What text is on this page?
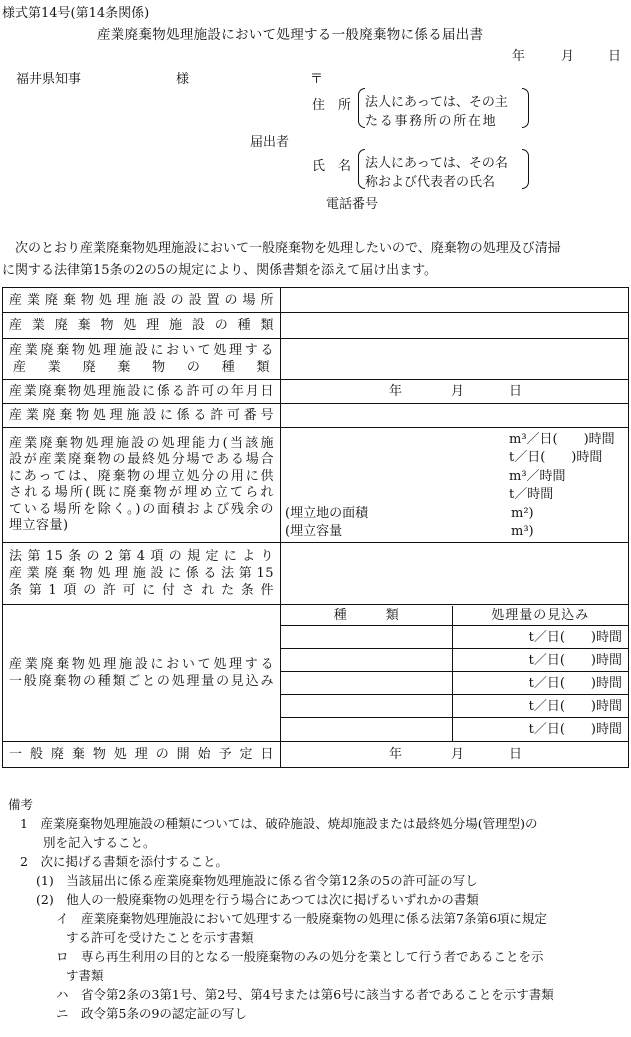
様式第14号(第14条関係)
産業廃棄物処理施設において処理する一般廃棄物に係る届出書
年	月	日
福井県知事	様	〒
住　所 法人にあっては、その主
たる事務所の所在地
届出者
氏　名 法人にあっては、その名
称および代表者の氏名
電話番号
　次のとおり産業廃棄物処理施設において一般廃棄物を処理したいので、廃棄物の処理及び清掃
に関する法律第15条の2の5の規定により、関係書類を添えて届け出ます。
産業廃棄物処理施設の設置の場所	
産業廃棄物処理施設の種類	

産業廃棄物処理施設において処理する
産業廃棄物の種類

産業廃棄物処理施設に係る許可の年月日	年	月	日

産業廃棄物処理施設に係る許可番号	

産業廃棄物処理施設の処理能力(当該施
設が産業廃棄物の最終処分場である場合
にあっては、廃棄物の埋立処分の用に供
される場所(既に廃棄物が埋め立てられ
ている場所を除く。)の面積および残余の
埋立容量)

m³／日(　　)時間
t／日(　　)時間
m³／時間
t／時間
(埋立地の面積	m²)
(埋立容量	m³)

法第15条の2第4項の規定により
産業廃棄物処理施設に係る法第15
条第1項の許可に付された条件

産業廃棄物処理施設において処理する
一般廃棄物の種類ごとの処理量の見込み

種　　　類	処理量の見込み
	t／日(　　)時間
	t／日(　　)時間
	t／日(　　)時間
	t／日(　　)時間
	t／日(　　)時間

一般廃棄物処理の開始予定日	年	月	日
備考
1　産業廃棄物処理施設の種類については、破砕施設、焼却施設または最終処分場(管理型)の
別を記入すること。
2　次に掲げる書類を添付すること。
(1)　当該届出に係る産業廃棄物処理施設に係る省令第12条の5の許可証の写し
(2)　他人の一般廃棄物の処理を行う場合にあつては次に掲げるいずれかの書類
イ　産業廃棄物処理施設において処理する一般廃棄物の処理に係る法第7条第6項に規定
する許可を受けたことを示す書類
ロ　専ら再生利用の目的となる一般廃棄物のみの処分を業として行う者であることを示
す書類
ハ　省令第2条の3第1号、第2号、第4号または第6号に該当する者であることを示す書類
ニ　政令第5条の9の認定証の写し
